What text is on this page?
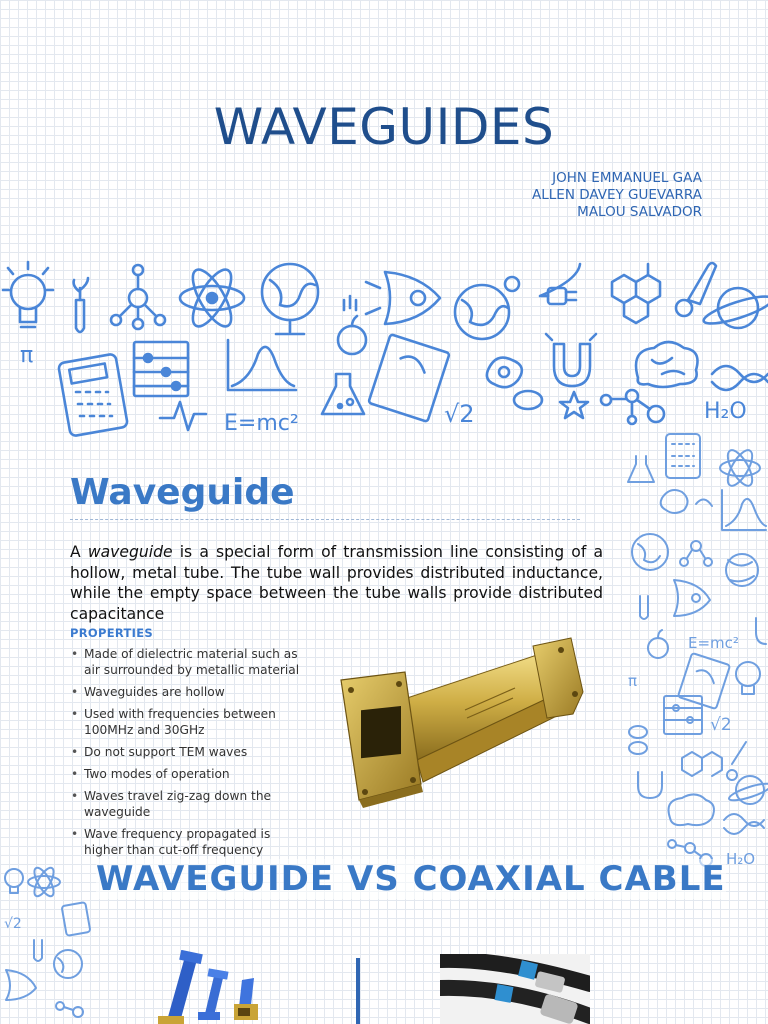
WAVEGUIDES
JOHN EMMANUEL GAA
ALLEN DAVEY GUEVARRA
MALOU SALVADOR
π
E=mc²	√2	H₂O
E=mc²
π
√2
H₂O
√2
Waveguide
A waveguide is a special form of transmission line consisting of a hollow, metal tube. The tube wall provides distributed inductance, while the empty space between the tube walls provide distributed capacitance
PROPERTIES
• Made of dielectric material such as air surrounded by metallic material
• Waveguides are hollow
• Used with frequencies between 100MHz and 30GHz
• Do not support TEM waves
• Two modes of operation
• Waves travel zig-zag down the waveguide
• Wave frequency propagated is higher than cut-off frequency
WAVEGUIDE VS COAXIAL CABLE
